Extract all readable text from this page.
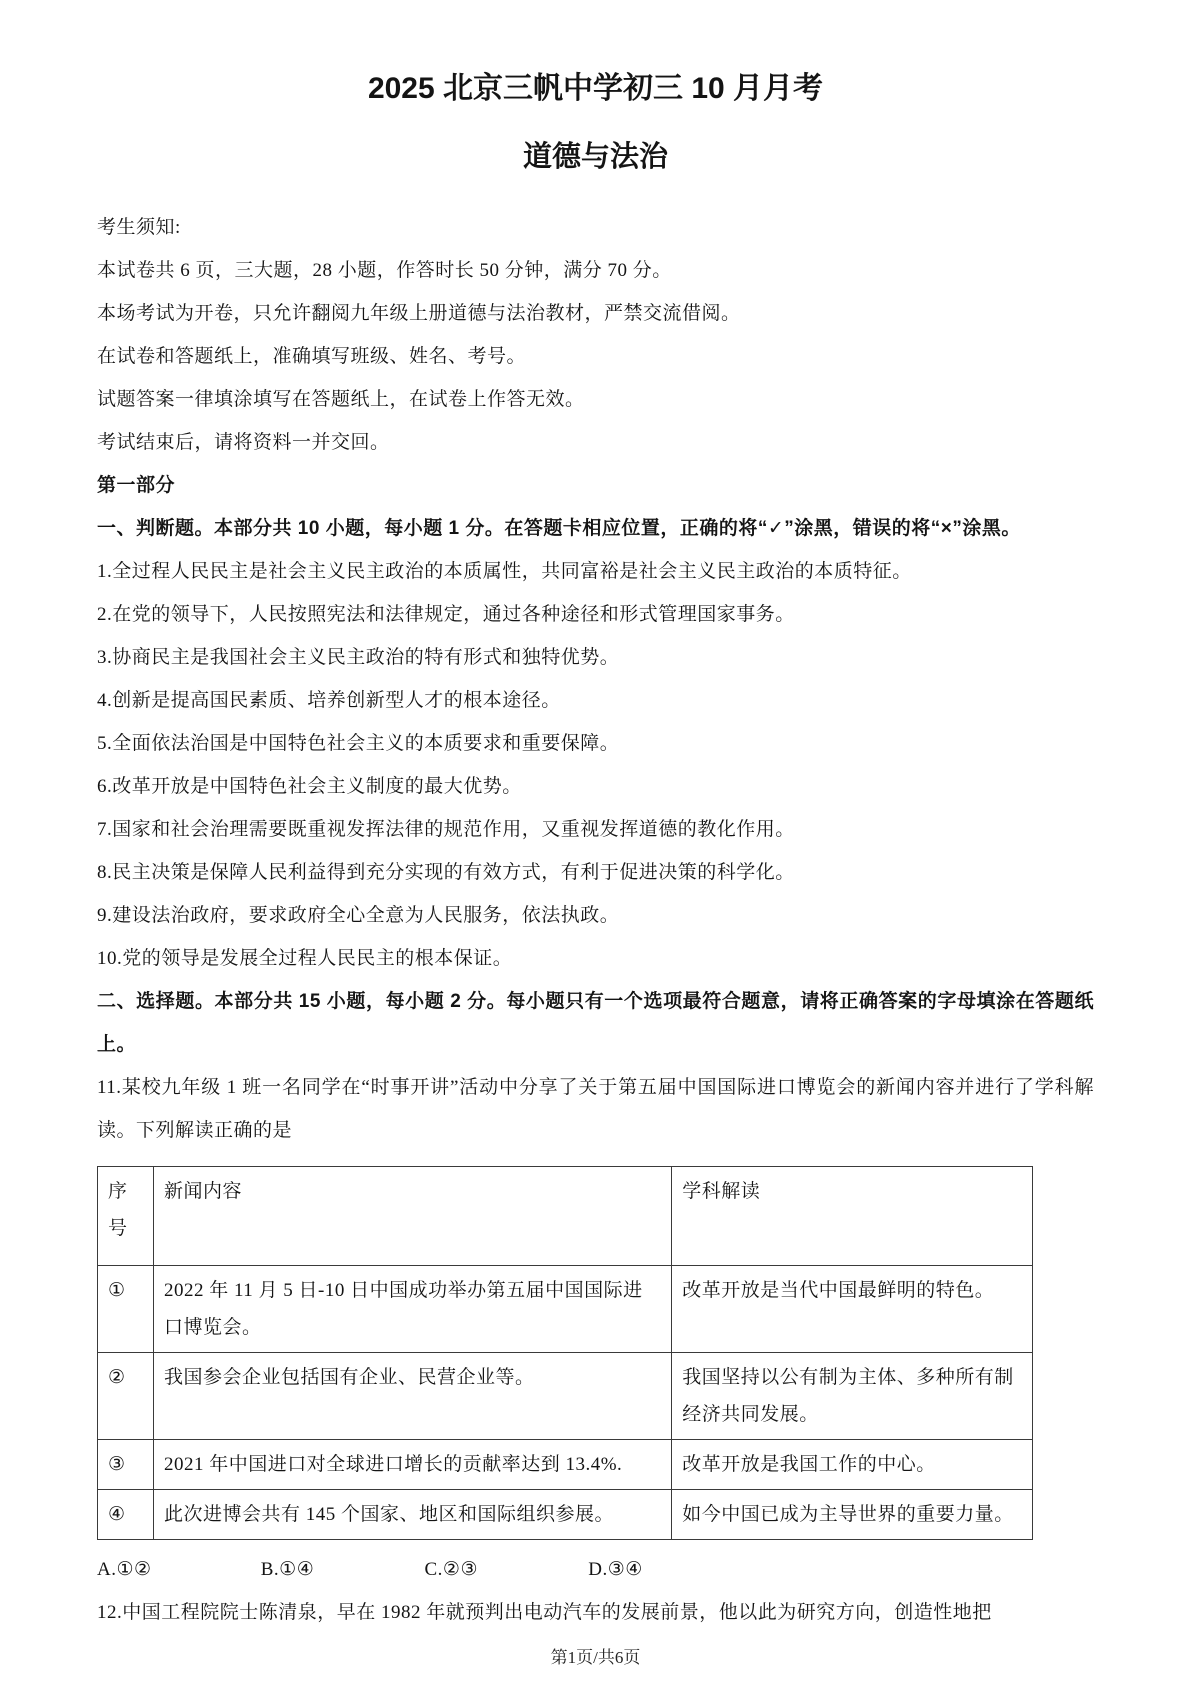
2025 北京三帆中学初三 10 月月考
道德与法治

考生须知:

本试卷共 6 页，三大题，28 小题，作答时长 50 分钟，满分 70 分。

本场考试为开卷，只允许翻阅九年级上册道德与法治教材，严禁交流借阅。

在试卷和答题纸上，准确填写班级、姓名、考号。

试题答案一律填涂填写在答题纸上，在试卷上作答无效。

考试结束后，请将资料一并交回。

第一部分

一、判断题。本部分共 10 小题，每小题 1 分。在答题卡相应位置，正确的将“✓”涂黑，错误的将“×”涂黑。

1.全过程人民民主是社会主义民主政治的本质属性，共同富裕是社会主义民主政治的本质特征。

2.在党的领导下，人民按照宪法和法律规定，通过各种途径和形式管理国家事务。

3.协商民主是我国社会主义民主政治的特有形式和独特优势。

4.创新是提高国民素质、培养创新型人才的根本途径。

5.全面依法治国是中国特色社会主义的本质要求和重要保障。

6.改革开放是中国特色社会主义制度的最大优势。

7.国家和社会治理需要既重视发挥法律的规范作用，又重视发挥道德的教化作用。

8.民主决策是保障人民利益得到充分实现的有效方式，有利于促进决策的科学化。

9.建设法治政府，要求政府全心全意为人民服务，依法执政。

10.党的领导是发展全过程人民民主的根本保证。

二、选择题。本部分共 15 小题，每小题 2 分。每小题只有一个选项最符合题意，请将正确答案的字母填涂在答题纸上。

11.某校九年级 1 班一名同学在“时事开讲”活动中分享了关于第五届中国国际进口博览会的新闻内容并进行了学科解读。下列解读正确的是

序号	新闻内容	学科解读
①	2022 年 11 月 5 日-10 日中国成功举办第五届中国国际进口博览会。	改革开放是当代中国最鲜明的特色。
②	我国参会企业包括国有企业、民营企业等。	我国坚持以公有制为主体、多种所有制经济共同发展。
③	2021 年中国进口对全球进口增长的贡献率达到 13.4%.	改革开放是我国工作的中心。
④	此次进博会共有 145 个国家、地区和国际组织参展。	如今中国已成为主导世界的重要力量。

A.①②	B.①④	C.②③	D.③④

12.中国工程院院士陈清泉，早在 1982 年就预判出电动汽车的发展前景，他以此为研究方向，创造性地把

第1页/共6页
